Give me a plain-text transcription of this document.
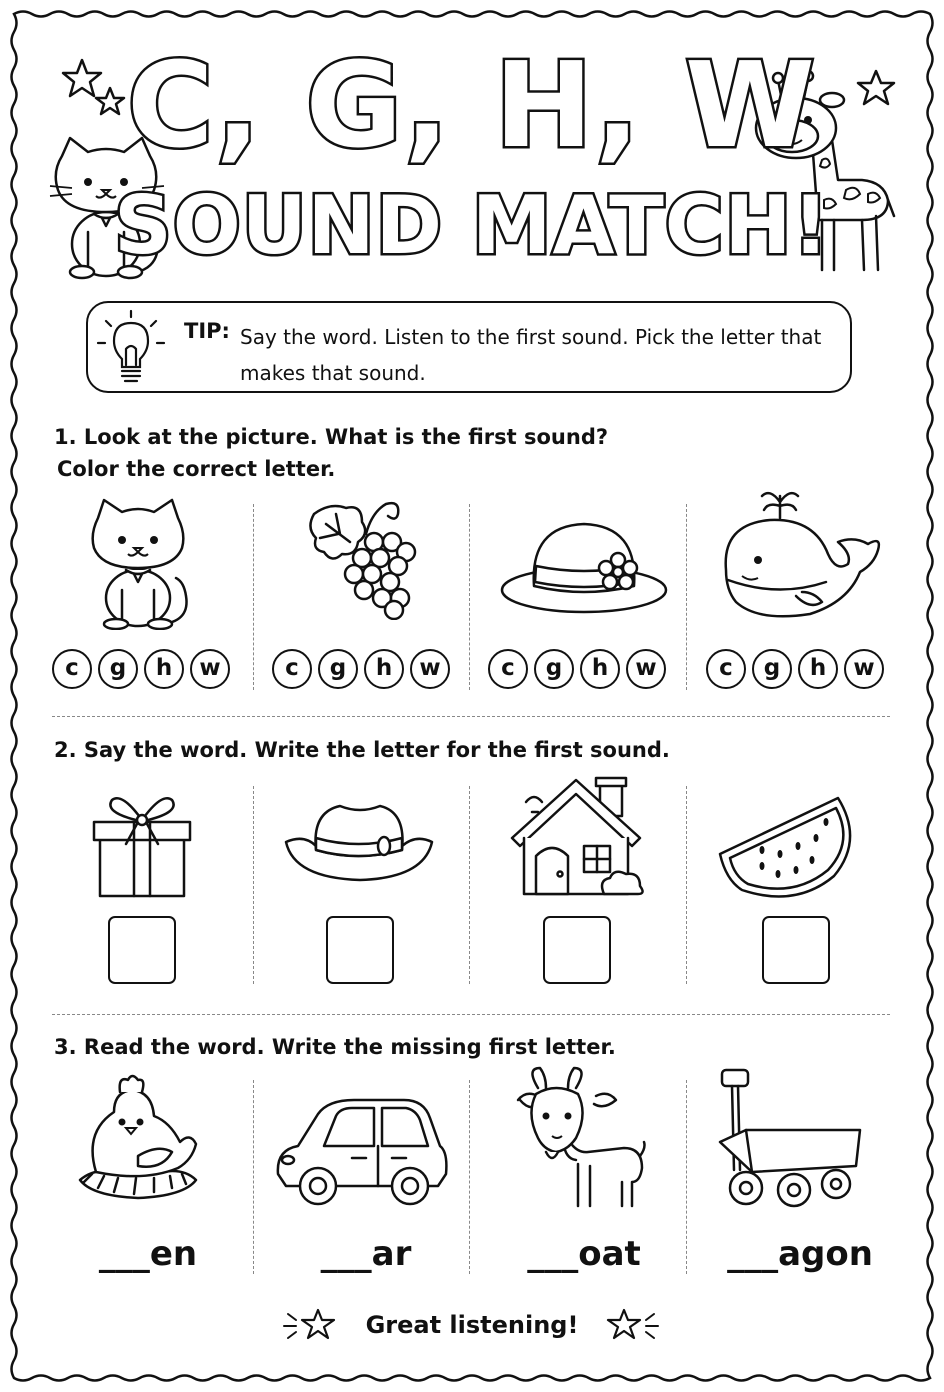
C, G, H, W
SOUND MATCH!
TIP: Say the word. Listen to the first sound. Pick the letter that makes that sound.
1. Look at the picture. What is the first sound?
Color the correct letter.
c	g	h	w	c	g	h	w	c	g	h	w	c	g	h	w
2. Say the word. Write the letter for the first sound.
3. Read the word. Write the missing first letter.
___en	___ar	___oat	___agon
Great listening!
